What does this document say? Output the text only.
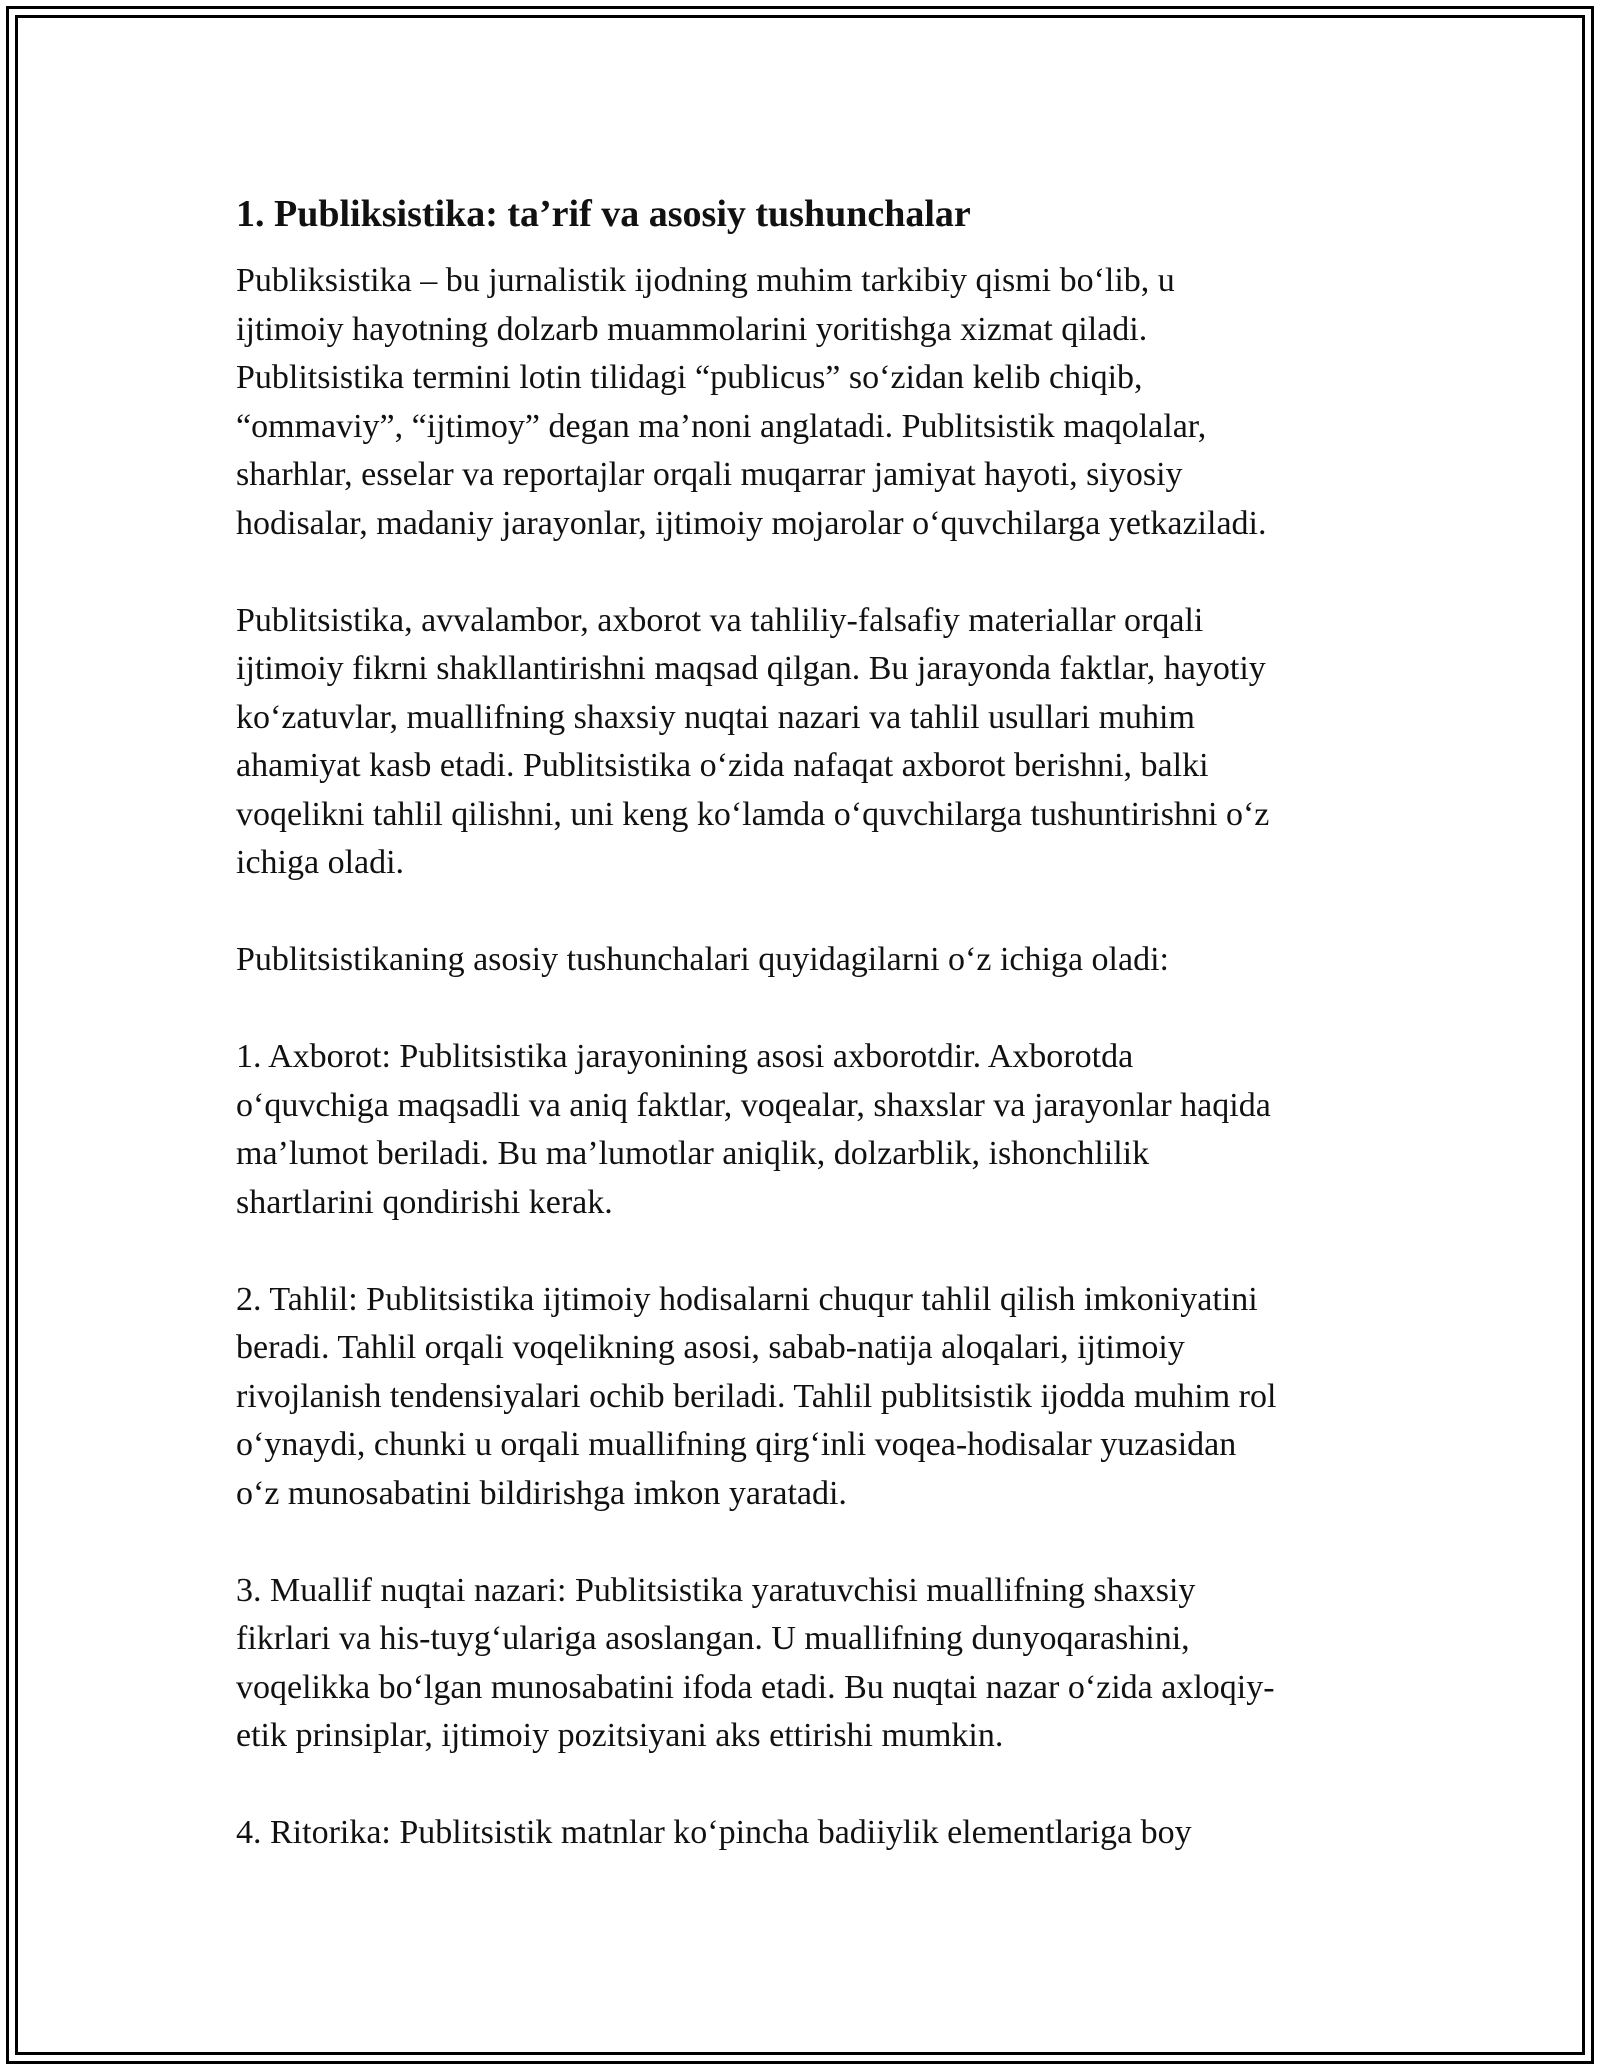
1. Publiksistika: ta’rif va asosiy tushunchalar

Publiksistika – bu jurnalistik ijodning muhim tarkibiy qismi bo‘lib, u
ijtimoiy hayotning dolzarb muammolarini yoritishga xizmat qiladi.
Publitsistika termini lotin tilidagi “publicus” so‘zidan kelib chiqib,
“ommaviy”, “ijtimoy” degan ma’noni anglatadi. Publitsistik maqolalar,
sharhlar, esselar va reportajlar orqali muqarrar jamiyat hayoti, siyosiy
hodisalar, madaniy jarayonlar, ijtimoiy mojarolar o‘quvchilarga yetkaziladi.

Publitsistika, avvalambor, axborot va tahliliy-falsafiy materiallar orqali
ijtimoiy fikrni shakllantirishni maqsad qilgan. Bu jarayonda faktlar, hayotiy
ko‘zatuvlar, muallifning shaxsiy nuqtai nazari va tahlil usullari muhim
ahamiyat kasb etadi. Publitsistika o‘zida nafaqat axborot berishni, balki
voqelikni tahlil qilishni, uni keng ko‘lamda o‘quvchilarga tushuntirishni o‘z
ichiga oladi.

Publitsistikaning asosiy tushunchalari quyidagilarni o‘z ichiga oladi:

1. Axborot: Publitsistika jarayonining asosi axborotdir. Axborotda
o‘quvchiga maqsadli va aniq faktlar, voqealar, shaxslar va jarayonlar haqida
ma’lumot beriladi. Bu ma’lumotlar aniqlik, dolzarblik, ishonchlilik
shartlarini qondirishi kerak.

2. Tahlil: Publitsistika ijtimoiy hodisalarni chuqur tahlil qilish imkoniyatini
beradi. Tahlil orqali voqelikning asosi, sabab-natija aloqalari, ijtimoiy
rivojlanish tendensiyalari ochib beriladi. Tahlil publitsistik ijodda muhim rol
o‘ynaydi, chunki u orqali muallifning qirg‘inli voqea-hodisalar yuzasidan
o‘z munosabatini bildirishga imkon yaratadi.

3. Muallif nuqtai nazari: Publitsistika yaratuvchisi muallifning shaxsiy
fikrlari va his-tuyg‘ulariga asoslangan. U muallifning dunyoqarashini,
voqelikka bo‘lgan munosabatini ifoda etadi. Bu nuqtai nazar o‘zida axloqiy-
etik prinsiplar, ijtimoiy pozitsiyani aks ettirishi mumkin.

4. Ritorika: Publitsistik matnlar ko‘pincha badiiylik elementlariga boy
